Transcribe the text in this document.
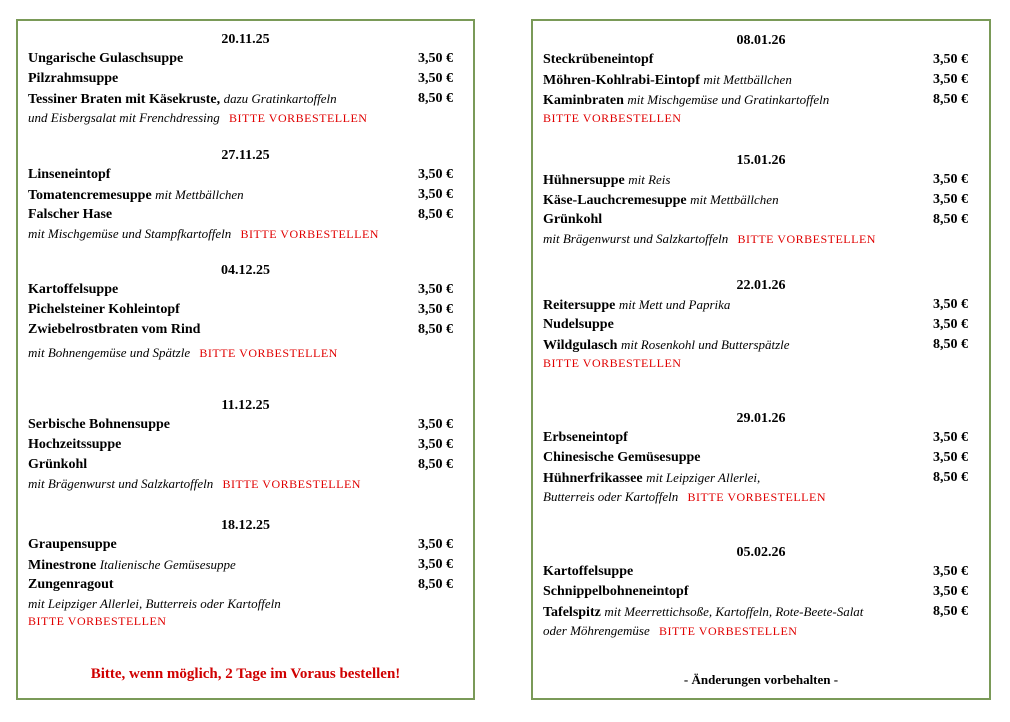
20.11.25
Ungarische Gulaschsuppe	3,50 €
Pilzrahmsuppe	3,50 €
Tessiner Braten mit Käsekruste, dazu Gratinkartoffeln	8,50 €
und Eisbergsalat mit Frenchdressing BITTE VORBESTELLEN
27.11.25
Linseneintopf	3,50 €
Tomatencremesuppe mit Mettbällchen	3,50 €
Falscher Hase	8,50 €
mit Mischgemüse und Stampfkartoffeln BITTE VORBESTELLEN
04.12.25
Kartoffelsuppe	3,50 €
Pichelsteiner Kohleintopf	3,50 €
Zwiebelrostbraten vom Rind	8,50 €
mit Bohnengemüse und Spätzle BITTE VORBESTELLEN
11.12.25
Serbische Bohnensuppe	3,50 €
Hochzeitssuppe	3,50 €
Grünkohl	8,50 €
mit Brägenwurst und Salzkartoffeln BITTE VORBESTELLEN
18.12.25
Graupensuppe	3,50 €
Minestrone Italienische Gemüsesuppe	3,50 €
Zungenragout	8,50 €
mit Leipziger Allerlei, Butterreis oder Kartoffeln
BITTE VORBESTELLEN
Bitte, wenn möglich, 2 Tage im Voraus bestellen!
08.01.26
Steckrübeneintopf	3,50 €
Möhren-Kohlrabi-Eintopf mit Mettbällchen	3,50 €
Kaminbraten mit Mischgemüse und Gratinkartoffeln	8,50 €
BITTE VORBESTELLEN
15.01.26
Hühnersuppe mit Reis	3,50 €
Käse-Lauchcremesuppe mit Mettbällchen	3,50 €
Grünkohl	8,50 €
mit Brägenwurst und Salzkartoffeln BITTE VORBESTELLEN
22.01.26
Reitersuppe mit Mett und Paprika	3,50 €
Nudelsuppe	3,50 €
Wildgulasch mit Rosenkohl und Butterspätzle	8,50 €
BITTE VORBESTELLEN
29.01.26
Erbseneintopf	3,50 €
Chinesische Gemüsesuppe	3,50 €
Hühnerfrikassee mit Leipziger Allerlei,	8,50 €
Butterreis oder Kartoffeln BITTE VORBESTELLEN
05.02.26
Kartoffelsuppe	3,50 €
Schnippelbohneneintopf	3,50 €
Tafelspitz mit Meerrettichsoße, Kartoffeln, Rote-Beete-Salat	8,50 €
oder Möhrengemüse BITTE VORBESTELLEN
- Änderungen vorbehalten -
